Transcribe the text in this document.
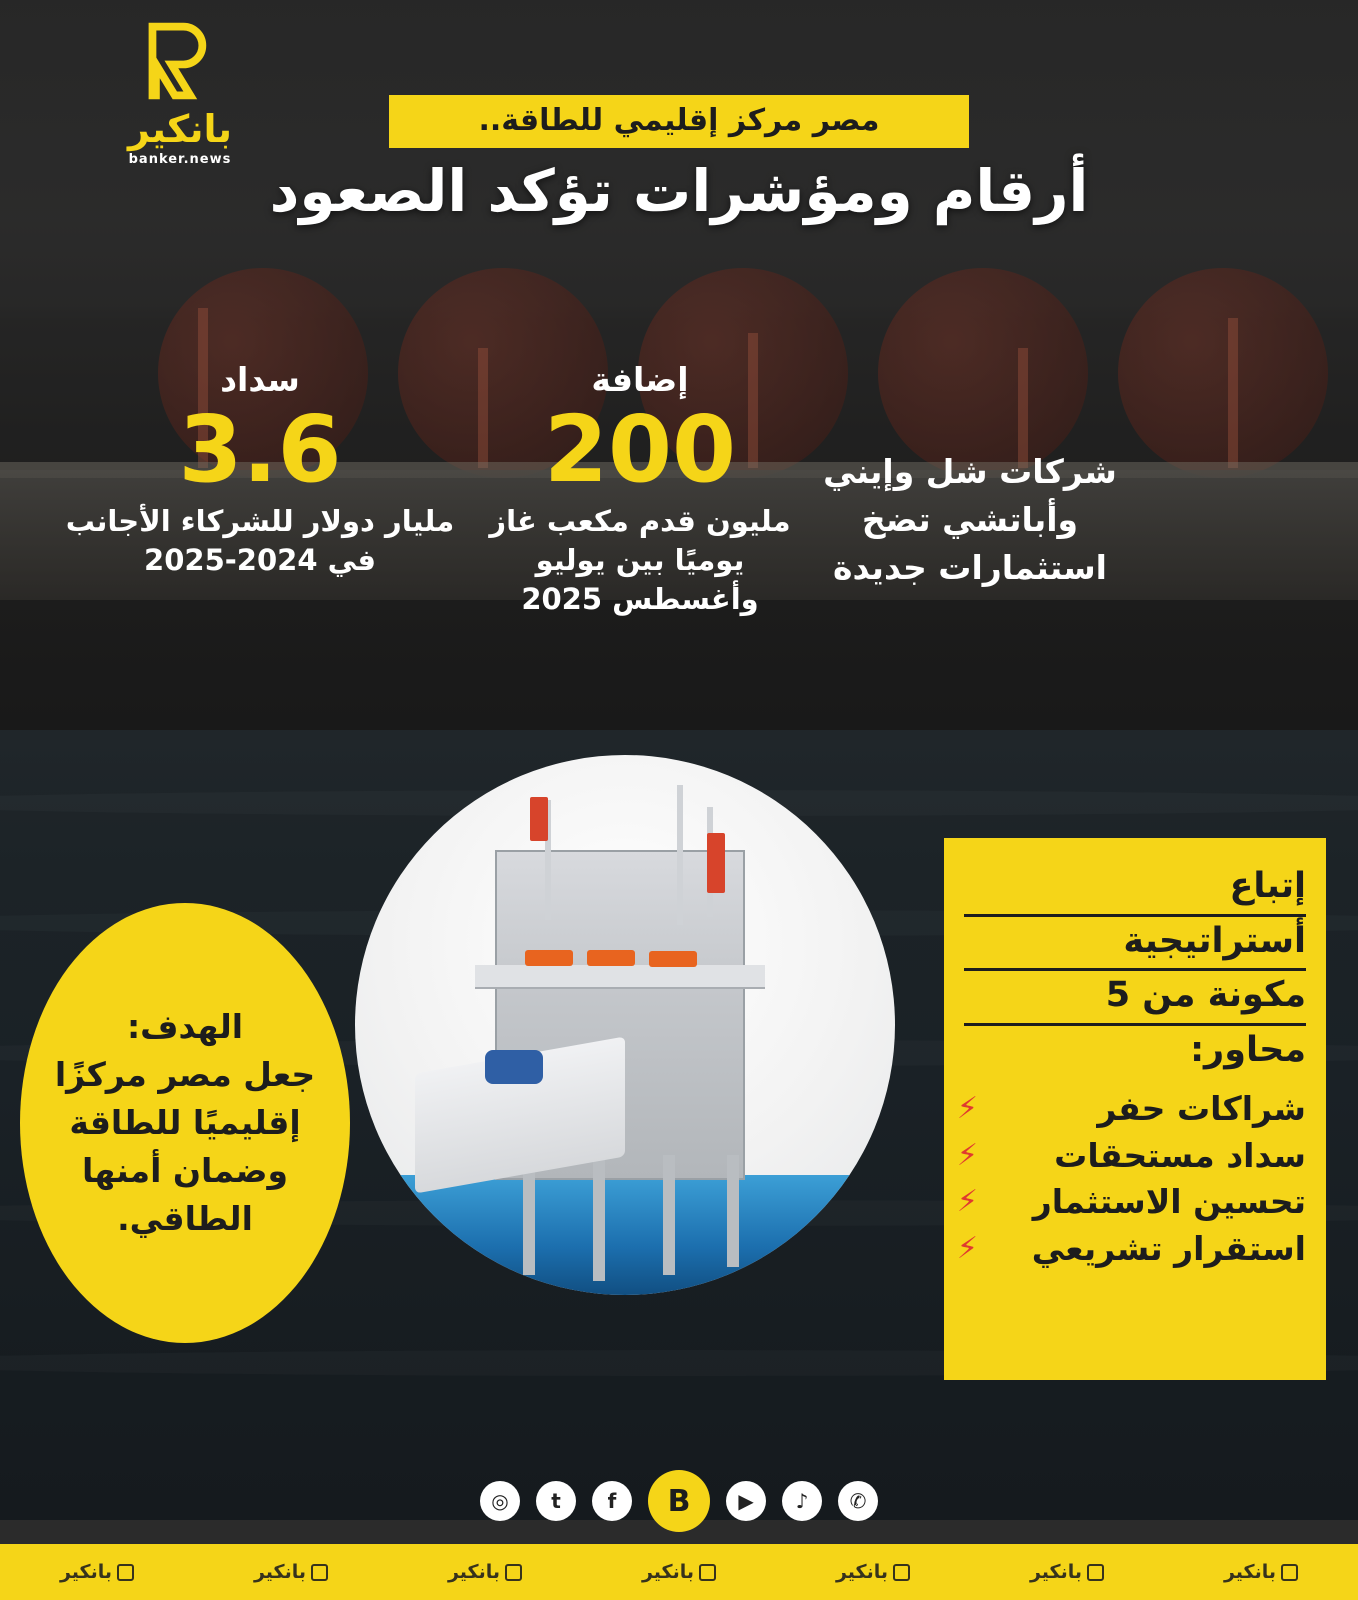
بانكير
banker.news
مصر مركز إقليمي للطاقة..
أرقام ومؤشرات تؤكد الصعود
شركات شل وإيني وأباتشي تضخ استثمارات جديدة
إضافة
200
مليون قدم مكعب غاز يوميًا بين يوليو وأغسطس 2025
سداد
3.6
مليار دولار للشركاء الأجانب في 2024-2025
الهدف:
جعل مصر مركزًا إقليميًا للطاقة وضمان أمنها الطاقي.
إتباع
أستراتيجية
مكونة من 5
محاور:
⚡	شراكات حفر
⚡ سداد مستحقات
⚡ تحسين الاستثمار
⚡ استقرار تشريعي
✆
♪
▶
B
f
t
◎
بانكير
بانكير
بانكير
بانكير
بانكير
بانكير
بانكير
